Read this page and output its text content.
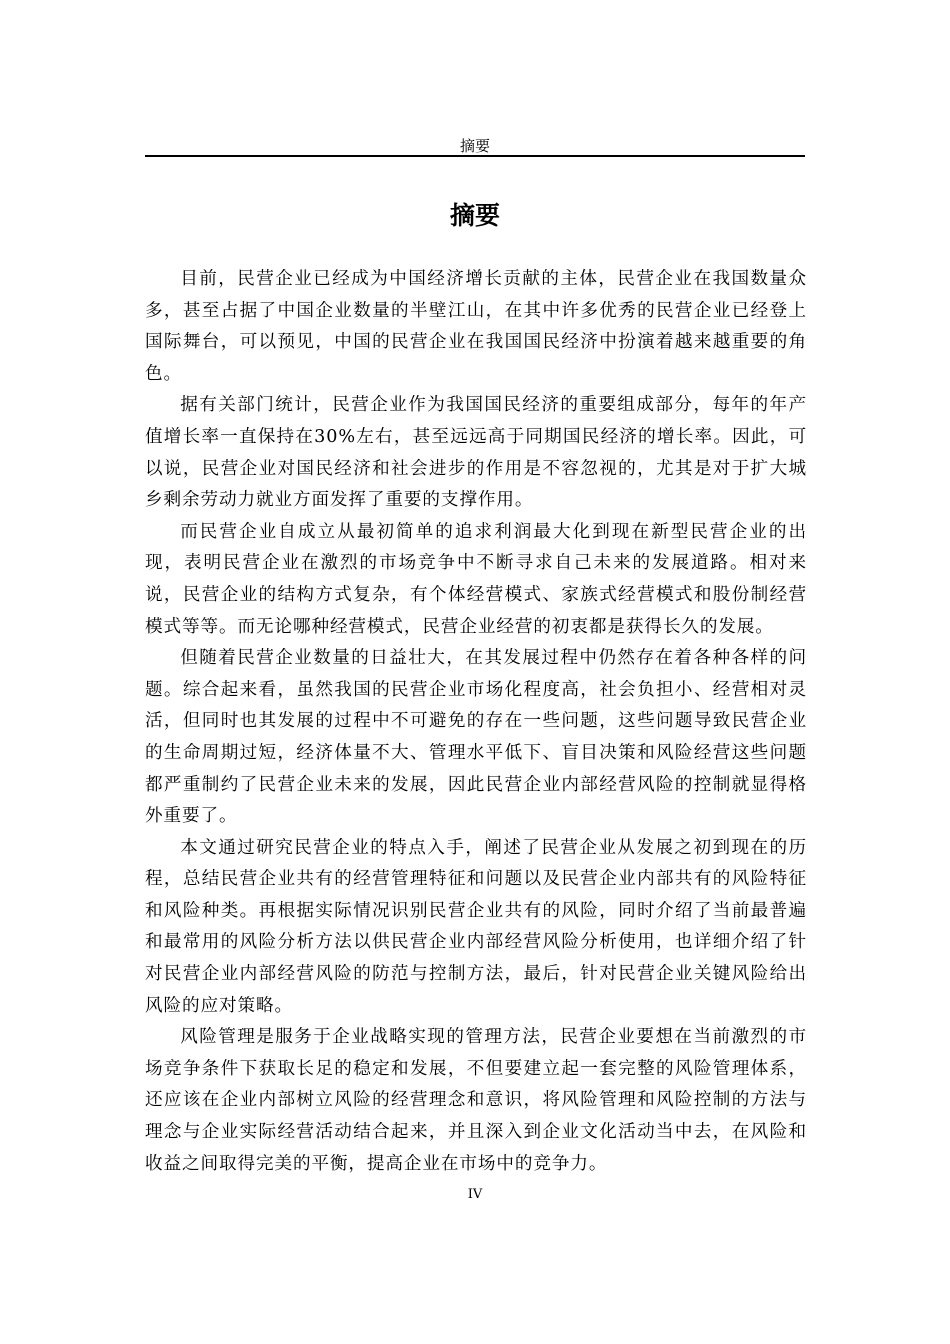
摘要
摘要

目前，民营企业已经成为中国经济增长贡献的主体，民营企业在我国数量众多，甚至占据了中国企业数量的半壁江山，在其中许多优秀的民营企业已经登上国际舞台，可以预见，中国的民营企业在我国国民经济中扮演着越来越重要的角色。

据有关部门统计，民营企业作为我国国民经济的重要组成部分，每年的年产值增长率一直保持在30%左右，甚至远远高于同期国民经济的增长率。因此，可以说，民营企业对国民经济和社会进步的作用是不容忽视的，尤其是对于扩大城乡剩余劳动力就业方面发挥了重要的支撑作用。

而民营企业自成立从最初简单的追求利润最大化到现在新型民营企业的出现，表明民营企业在激烈的市场竞争中不断寻求自己未来的发展道路。相对来说，民营企业的结构方式复杂，有个体经营模式、家族式经营模式和股份制经营模式等等。而无论哪种经营模式，民营企业经营的初衷都是获得长久的发展。

但随着民营企业数量的日益壮大，在其发展过程中仍然存在着各种各样的问题。综合起来看，虽然我国的民营企业市场化程度高，社会负担小、经营相对灵活，但同时也其发展的过程中不可避免的存在一些问题，这些问题导致民营企业的生命周期过短，经济体量不大、管理水平低下、盲目决策和风险经营这些问题都严重制约了民营企业未来的发展，因此民营企业内部经营风险的控制就显得格外重要了。

本文通过研究民营企业的特点入手，阐述了民营企业从发展之初到现在的历程，总结民营企业共有的经营管理特征和问题以及民营企业内部共有的风险特征和风险种类。再根据实际情况识别民营企业共有的风险，同时介绍了当前最普遍和最常用的风险分析方法以供民营企业内部经营风险分析使用，也详细介绍了针对民营企业内部经营风险的防范与控制方法，最后，针对民营企业关键风险给出风险的应对策略。

风险管理是服务于企业战略实现的管理方法，民营企业要想在当前激烈的市场竞争条件下获取长足的稳定和发展，不但要建立起一套完整的风险管理体系，还应该在企业内部树立风险的经营理念和意识，将风险管理和风险控制的方法与理念与企业实际经营活动结合起来，并且深入到企业文化活动当中去，在风险和收益之间取得完美的平衡，提高企业在市场中的竞争力。

IV
